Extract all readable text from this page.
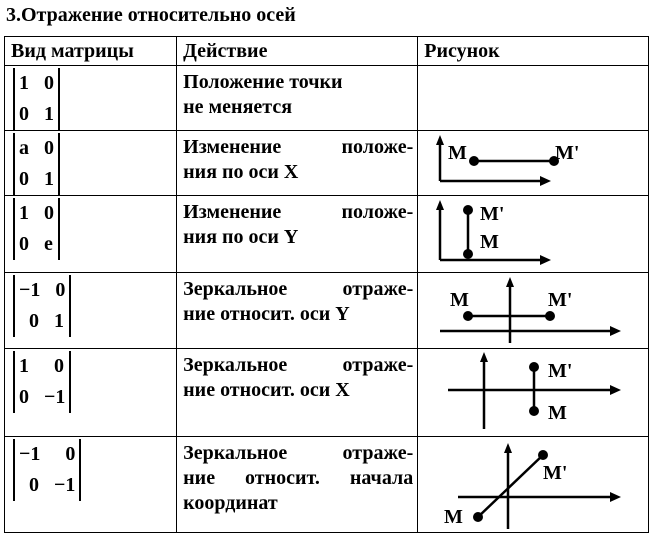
3.Отражение относительно осей
Вид матрицы	Действие	Рисунок

1   0
0   1	Положение точки
не меняется	

a   0
0   1	Изменение положе-
ния по оси X	M M'

1   0
0   e	Изменение положе-
ния по оси Y	M'
M

−1   0
0   1	Зеркальное отраже-
ние относит. оси Y	M M'

1     0
0   −1	Зеркальное отраже-
ние относит. оси X	M'
M

−1     0
0   −1	Зеркальное отраже-
ние относит. начала
координат	M'
M
